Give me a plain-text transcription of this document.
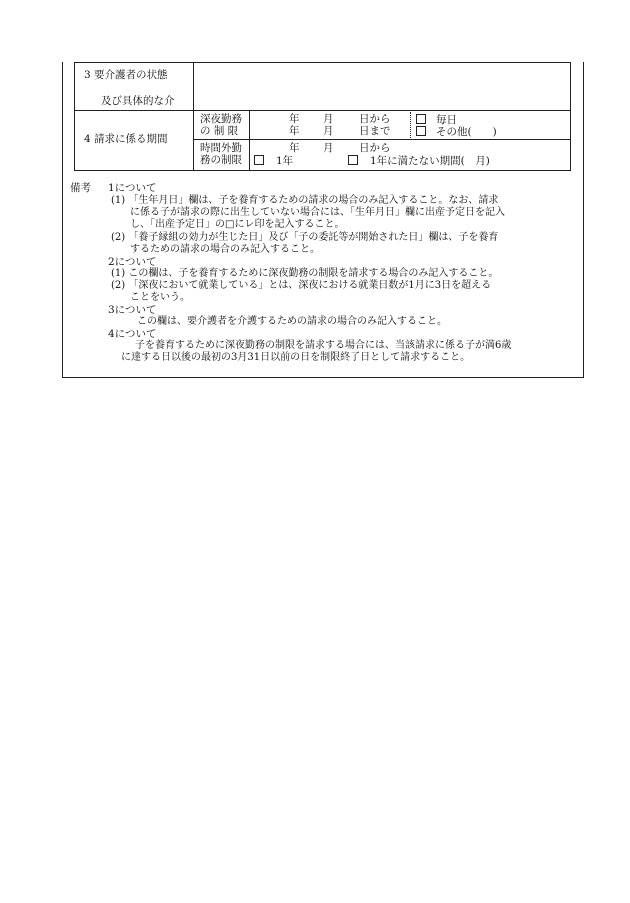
3 要介護者の状態
及び具体的な介
4 請求に係る期間
深夜勤務
の 制 限
年 月 日から
年 月 日まで
毎日
その他(　　)
時間外勤
務の制限
年 月 日から
1年	1年に満たない期間(　月)
備考 1について
(1) 「生年月日」欄は、子を養育するための請求の場合のみ記入すること。なお、請求
に係る子が請求の際に出生していない場合には、「生年月日」欄に出産予定日を記入
し、「出産予定日」の□にレ印を記入すること。
(2) 「養子縁組の効力が生じた日」及び「子の委託等が開始された日」欄は、子を養育
するための請求の場合のみ記入すること。
2について
(1) この欄は、子を養育するために深夜勤務の制限を請求する場合のみ記入すること。
(2) 「深夜において就業している」とは、深夜における就業日数が1月に3日を超える
ことをいう。
3について
この欄は、要介護者を介護するための請求の場合のみ記入すること。
4について
子を養育するために深夜勤務の制限を請求する場合には、当該請求に係る子が満6歳
に達する日以後の最初の3月31日以前の日を制限終了日として請求すること。
